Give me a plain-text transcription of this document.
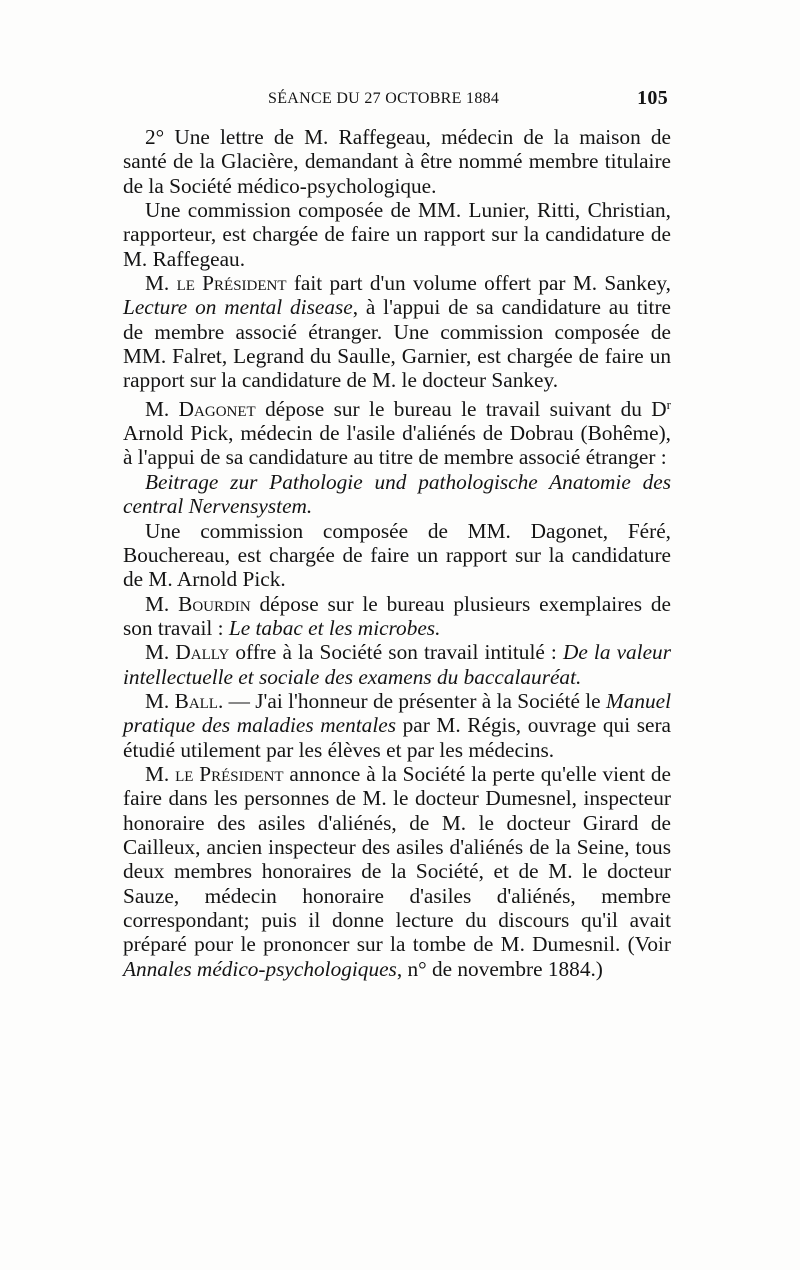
SÉANCE DU 27 OCTOBRE 1884	105

2° Une lettre de M. Raffegeau, médecin de la maison de santé de la Glacière, demandant à être nommé membre titulaire de la Société médico-psychologique.

Une commission composée de MM. Lunier, Ritti, Christian, rapporteur, est chargée de faire un rapport sur la candidature de M. Raffegeau.

M. le Président fait part d'un volume offert par M. Sankey, Lecture on mental disease, à l'appui de sa candidature au titre de membre associé étranger. Une commission composée de MM. Falret, Legrand du Saulle, Garnier, est chargée de faire un rapport sur la candidature de M. le docteur Sankey.

M. Dagonet dépose sur le bureau le travail suivant du $D^r$ Arnold Pick, médecin de l'asile d'aliénés de Dobrau (Bohême), à l'appui de sa candidature au titre de membre associé étranger :

Beitrage zur Pathologie und pathologische Anatomie des central Nervensystem.

Une commission composée de MM. Dagonet, Féré, Bouchereau, est chargée de faire un rapport sur la candidature de M. Arnold Pick.

M. Bourdin dépose sur le bureau plusieurs exemplaires de son travail : Le tabac et les microbes.

M. Dally offre à la Société son travail intitulé : De la valeur intellectuelle et sociale des examens du baccalauréat.

M. Ball. — J'ai l'honneur de présenter à la Société le Manuel pratique des maladies mentales par M. Régis, ouvrage qui sera étudié utilement par les élèves et par les médecins.

M. le Président annonce à la Société la perte qu'elle vient de faire dans les personnes de M. le docteur Dumesnel, inspecteur honoraire des asiles d'aliénés, de M. le docteur Girard de Cailleux, ancien inspecteur des asiles d'aliénés de la Seine, tous deux membres honoraires de la Société, et de M. le docteur Sauze, médecin honoraire d'asiles d'aliénés, membre correspondant; puis il donne lecture du discours qu'il avait préparé pour le prononcer sur la tombe de M. Dumesnil. (Voir Annales médico-psychologiques, n° de novembre 1884.)
